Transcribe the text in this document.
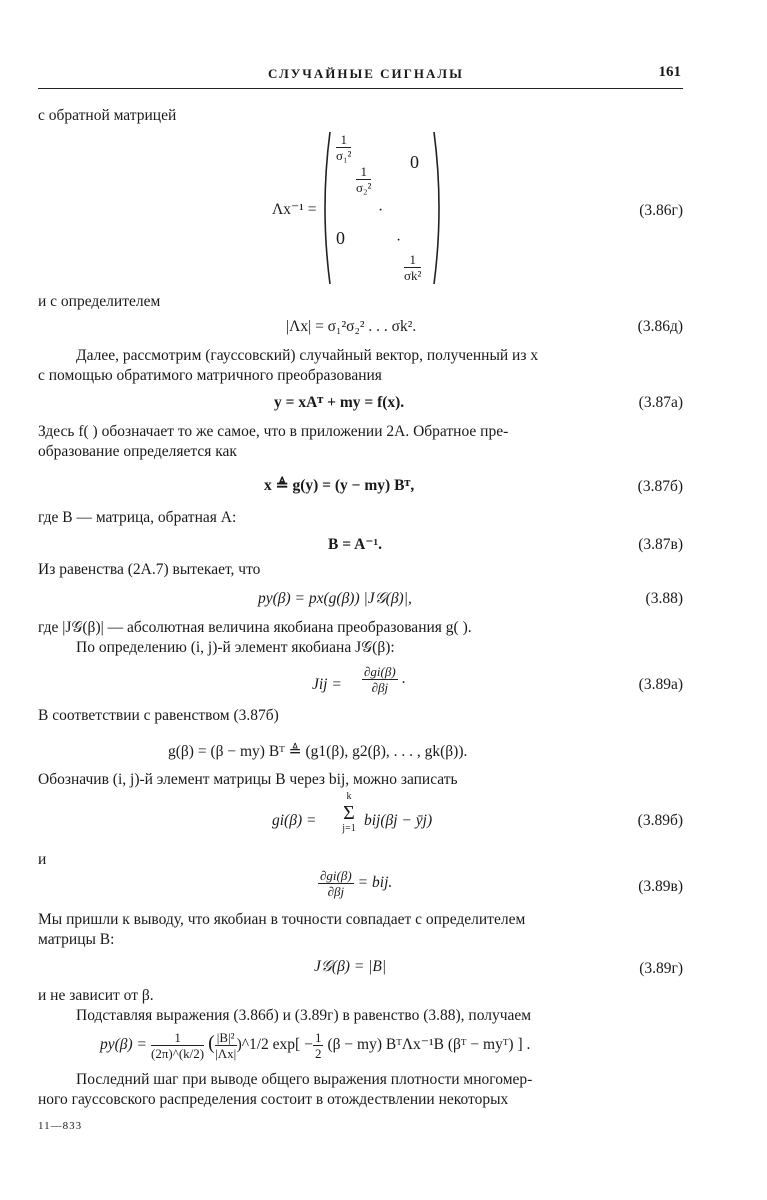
СЛУЧАЙНЫЕ СИГНАЛЫ	161
с обратной матрицей
Λx⁻¹ =
$\frac{1}{\text{σ₁²}}$
$\frac{1}{\text{σ₂²}}$
0
·
·
0
$\frac{1}{\text{σk²}}$
(3.86г)
и с определителем
|Λx| = σ₁²σ₂² . . . σk².	(3.86д)
Далее, рассмотрим (гауссовский) случайный вектор, полученный из x
с помощью обратимого матричного преобразования
y = xAᵀ + my = f(x).	(3.87а)
Здесь f( ) обозначает то же самое, что в приложении 2А. Обратное пре-
образование определяется как
x ≜ g(y) = (y − my) Bᵀ,	(3.87б)
где B — матрица, обратная A:
B = A⁻¹.	(3.87в)
Из равенства (2А.7) вытекает, что
py(β) = px(g(β)) |J𝒢(β)|,	(3.88)
где |J𝒢(β)| — абсолютная величина якобиана преобразования g( ).
По определению (i, j)-й элемент якобиана J𝒢(β):
Jij = $\frac{\partial gi(\beta)}{\partial\beta j}$ .	(3.89а)
В соответствии с равенством (3.87б)
g(β) = (β − my) Bᵀ ≜ (g1(β), g2(β), . . . , gk(β)).
Обозначив (i, j)-й элемент матрицы B через bij, можно записать
gi(β) =
k
Σ
j=1 bij(βj − ȳj)	(3.89б)
и
$\frac{\partial gi(\beta)}{\partial\beta j}$ = bij.	(3.89в)
Мы пришли к выводу, что якобиан в точности совпадает с определителем
матрицы B:
J𝒢(β) = |B|	(3.89г)
и не зависит от β.
Подставляя выражения (3.86б) и (3.89г) в равенство (3.88), получаем
$py(\beta) = \frac{1}{(2\pi)\^{}(k/2)}$ ( $\frac{\text{|B|²}}{|\Lambda x|}$ )^1/2 $\exp[ - \frac{1}{2} (\beta - my)$ BᵀΛx⁻¹B (βᵀ − myᵀ) ] .
Последний шаг при выводе общего выражения плотности многомер-
ного гауссовского распределения состоит в отождествлении некоторых
11—833
